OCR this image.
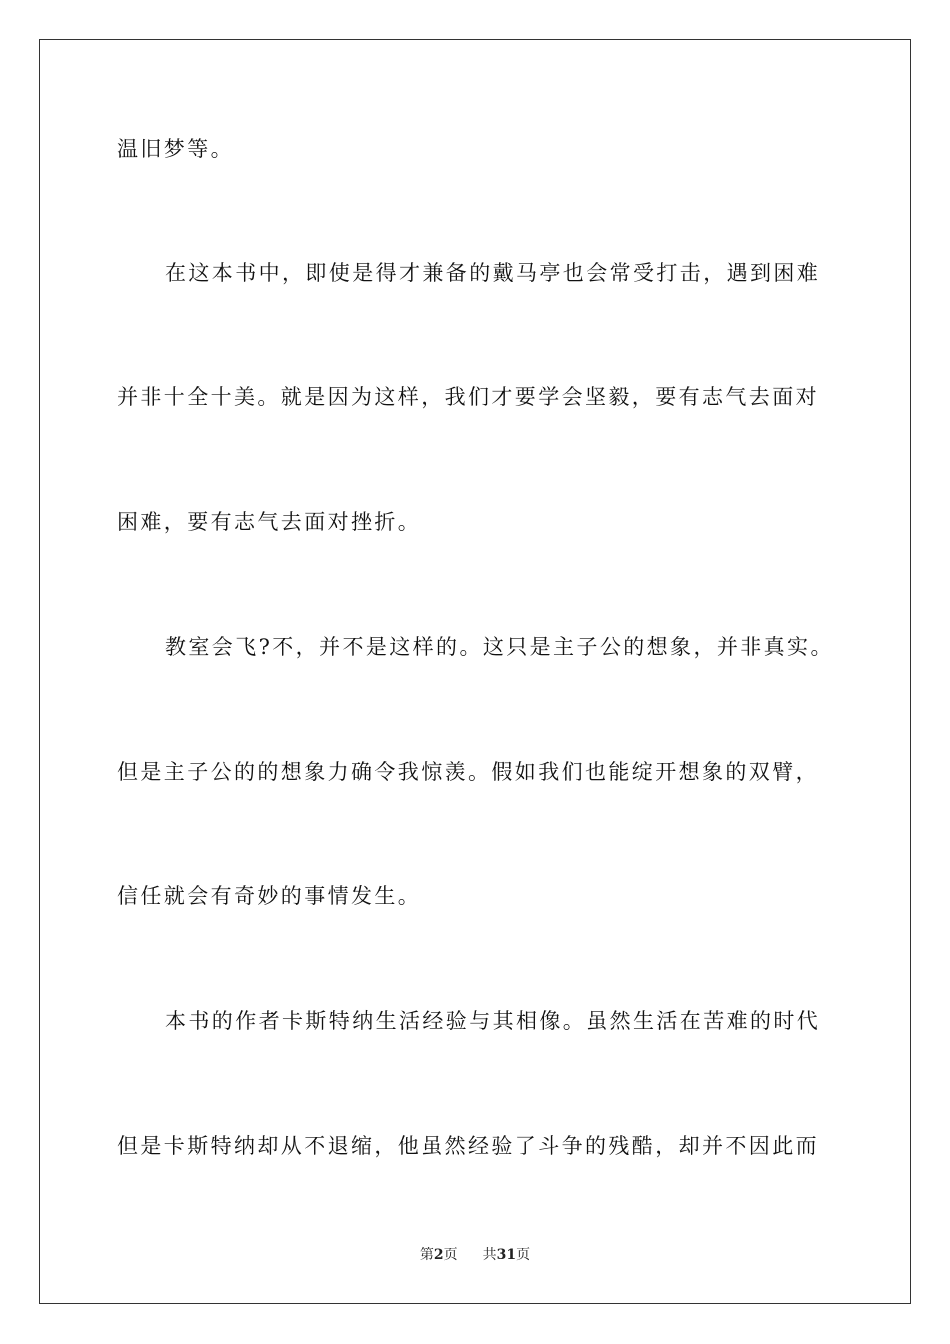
温旧梦等。
在这本书中，即使是得才兼备的戴马亭也会常受打击，遇到困难
并非十全十美。就是因为这样，我们才要学会坚毅，要有志气去面对
困难，要有志气去面对挫折。
教室会飞?不，并不是这样的。这只是主子公的想象，并非真实。
但是主子公的的想象力确令我惊羡。假如我们也能绽开想象的双臂，
信任就会有奇妙的事情发生。
本书的作者卡斯特纳生活经验与其相像。虽然生活在苦难的时代
但是卡斯特纳却从不退缩，他虽然经验了斗争的残酷，却并不因此而
第2页 共31页
